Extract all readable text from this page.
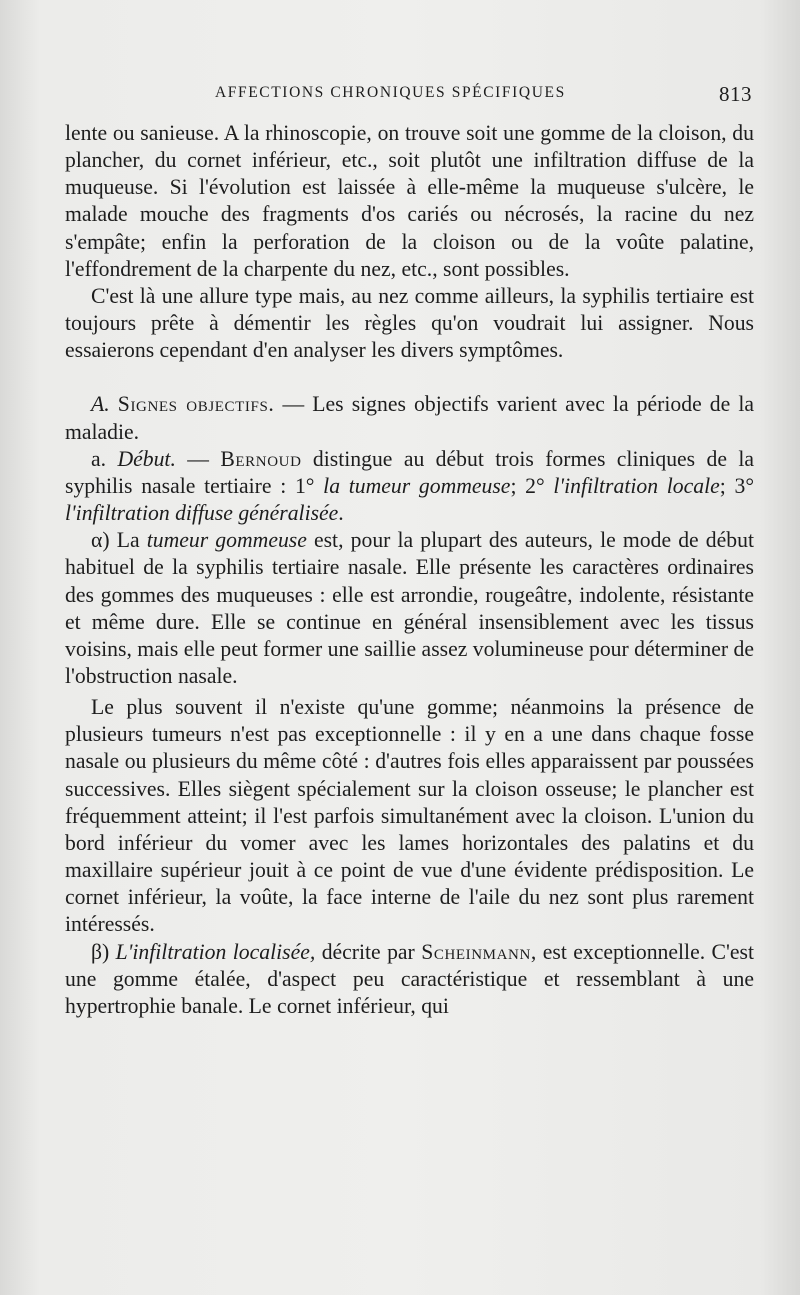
AFFECTIONS CHRONIQUES SPÉCIFIQUES	813

lente ou sanieuse. A la rhinoscopie, on trouve soit une gomme de la cloison, du plancher, du cornet inférieur, etc., soit plutôt une infiltration diffuse de la muqueuse. Si l'évolution est laissée à elle-même la muqueuse s'ulcère, le malade mouche des fragments d'os cariés ou nécrosés, la racine du nez s'empâte; enfin la perforation de la cloison ou de la voûte palatine, l'effondrement de la charpente du nez, etc., sont possibles.

C'est là une allure type mais, au nez comme ailleurs, la syphilis tertiaire est toujours prête à démentir les règles qu'on voudrait lui assigner. Nous essaierons cependant d'en analyser les divers symptômes.

A. Signes objectifs. — Les signes objectifs varient avec la période de la maladie.

a. Début. — Bernoud distingue au début trois formes cliniques de la syphilis nasale tertiaire : 1° la tumeur gommeuse; 2° l'infiltration locale; 3° l'infiltration diffuse généralisée.

α) La tumeur gommeuse est, pour la plupart des auteurs, le mode de début habituel de la syphilis tertiaire nasale. Elle présente les caractères ordinaires des gommes des muqueuses : elle est arrondie, rougeâtre, indolente, résistante et même dure. Elle se continue en général insensiblement avec les tissus voisins, mais elle peut former une saillie assez volumineuse pour déterminer de l'obstruction nasale.

Le plus souvent il n'existe qu'une gomme; néanmoins la présence de plusieurs tumeurs n'est pas exceptionnelle : il y en a une dans chaque fosse nasale ou plusieurs du même côté : d'autres fois elles apparaissent par poussées successives. Elles siègent spécialement sur la cloison osseuse; le plancher est fréquemment atteint; il l'est parfois simultanément avec la cloison. L'union du bord inférieur du vomer avec les lames horizontales des palatins et du maxillaire supérieur jouit à ce point de vue d'une évidente prédisposition. Le cornet inférieur, la voûte, la face interne de l'aile du nez sont plus rarement intéressés.

β) L'infiltration localisée, décrite par Scheinmann, est exceptionnelle. C'est une gomme étalée, d'aspect peu caractéristique et ressemblant à une hypertrophie banale. Le cornet inférieur, qui
